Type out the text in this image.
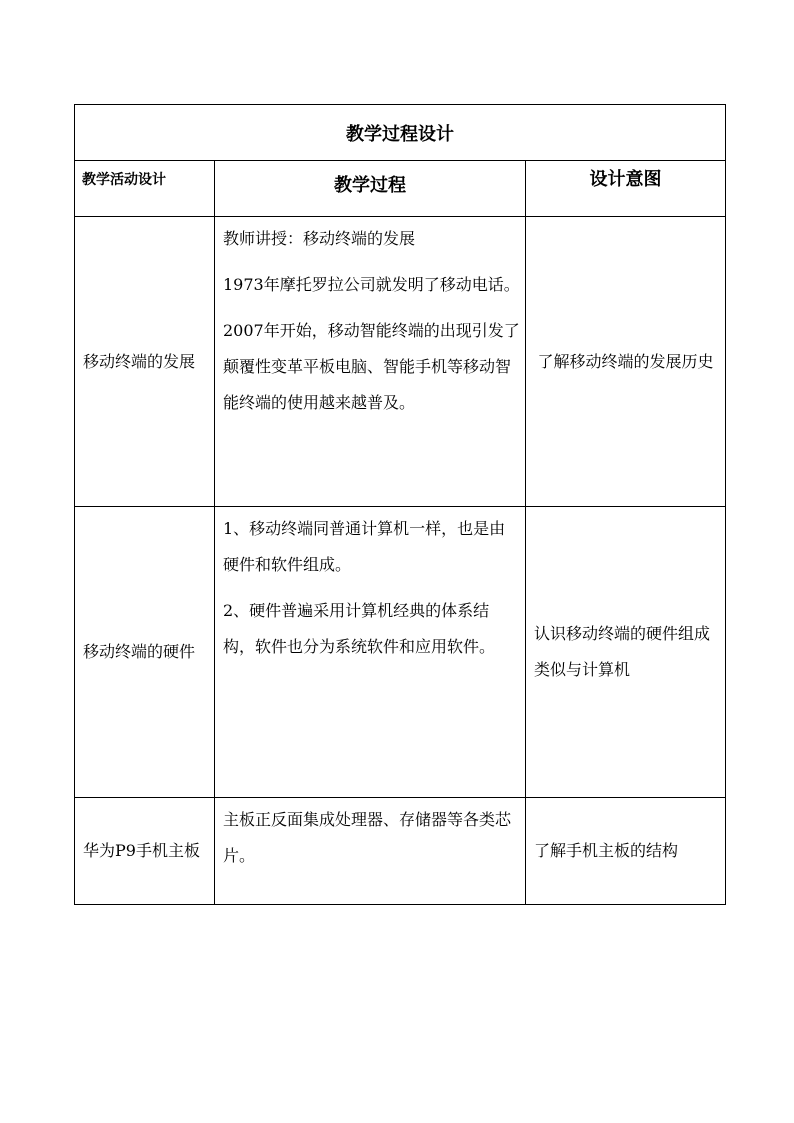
教学过程设计		
教学活动设计	教学过程	设计意图
移动终端的发展	教师讲授：移动终端的发展

1973年摩托罗拉公司就发明了移动电话。

2007年开始，移动智能终端的出现引发了颠覆性变革平板电脑、智能手机等移动智能终端的使用越来越普及。	了解移动终端的发展历史
移动终端的硬件	1、移动终端同普通计算机一样，也是由硬件和软件组成。

2、硬件普遍采用计算机经典的体系结构，软件也分为系统软件和应用软件。	认识移动终端的硬件组成类似与计算机
华为P9手机主板	主板正反面集成处理器、存储器等各类芯片。	了解手机主板的结构
